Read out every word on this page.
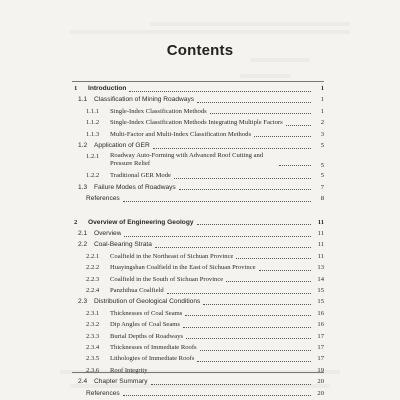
Contents
1	Introduction	1
1.1	Classification of Mining Roadways	1
1.1.1	Single-Index Classification Methods	1
1.1.2	Single-Index Classification Methods Integrating Multiple Factors	2
1.1.3	Multi-Factor and Multi-Index Classification Methods	3
1.2	Application of GER	5
1.2.1	Roadway Auto-Forming with Advanced Roof Cutting and Pressure Relief	5
1.2.2	Traditional GER Mode	5
1.3	Failure Modes of Roadways	7
References	8
2	Overview of Engineering Geology	11
2.1	Overview	11
2.2	Coal-Bearing Strata	11
2.2.1	Coalfield in the Northeast of Sichuan Province	11
2.2.2	Huayingshan Coalfield in the East of Sichuan Province	13
2.2.3	Coalfield in the South of Sichuan Province	14
2.2.4	Panzhihua Coalfield	15
2.3	Distribution of Geological Conditions	15
2.3.1	Thicknesses of Coal Seams	16
2.3.2	Dip Angles of Coal Seams	16
2.3.3	Burial Depths of Roadways	17
2.3.4	Thicknesses of Immediate Roofs	17
2.3.5	Lithologies of Immediate Roofs	17
2.3.6	Roof Integrity	19
2.4	Chapter Summary	20
References	20
